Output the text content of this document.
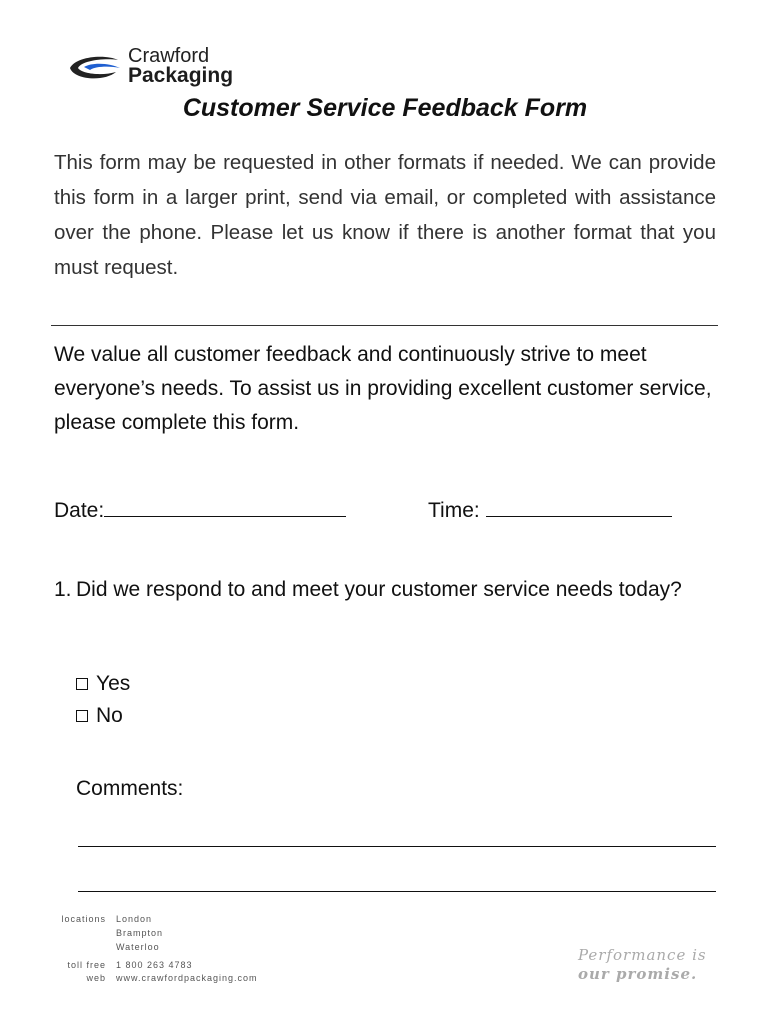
Crawford
Packaging
Customer Service Feedback Form
This form may be requested in other formats if needed. We can provide this form in a larger print, send via email, or completed with assistance over the phone. Please let us know if there is another format that you must request.
We value all customer feedback and continuously strive to meet everyone’s needs. To assist us in providing excellent customer service, please complete this form.
Date:	Time:
1. Did we respond to and meet your customer service needs today?
Yes
No
Comments:
locations London
Brampton
Waterloo
toll free 1 800 263 4783
web www.crawfordpackaging.com
Performance is
our promise.
